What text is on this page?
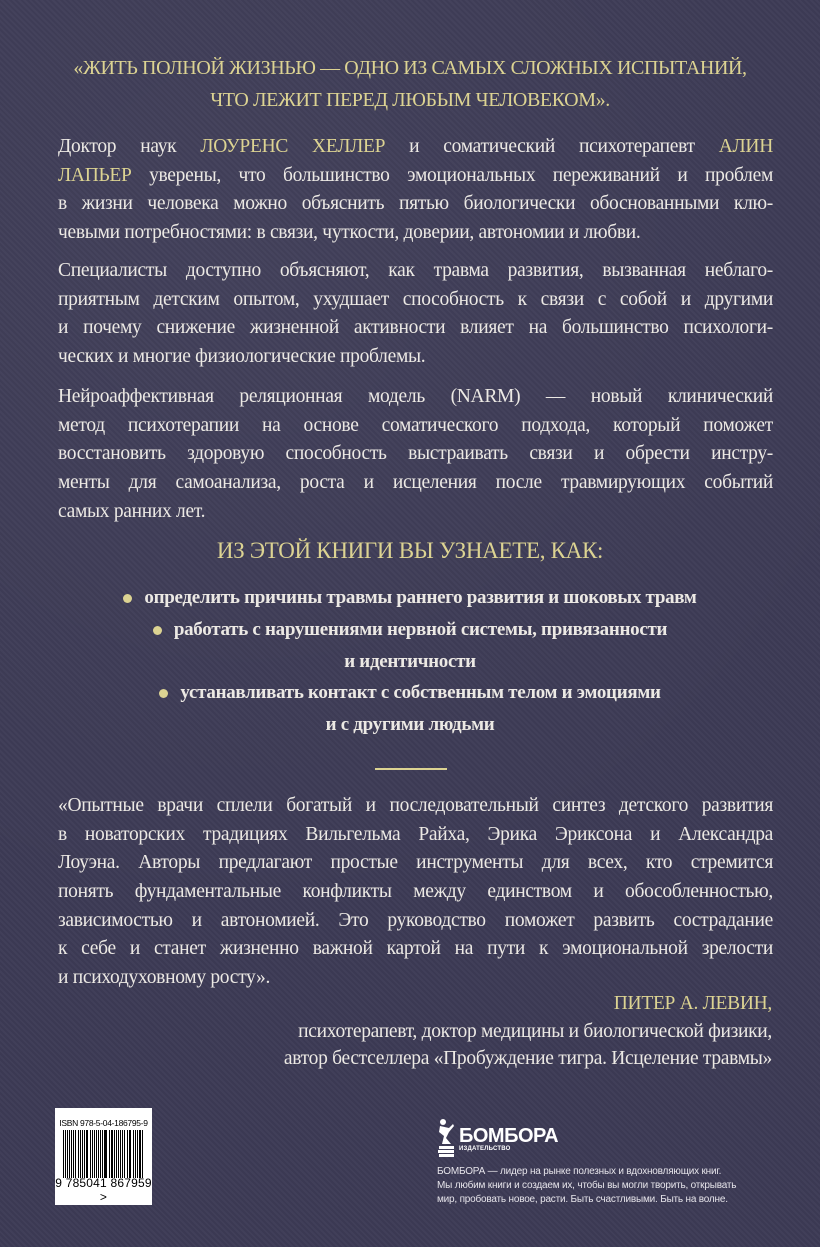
«ЖИТЬ ПОЛНОЙ ЖИЗНЬЮ — ОДНО ИЗ САМЫХ СЛОЖНЫХ ИСПЫТАНИЙ,
ЧТО ЛЕЖИТ ПЕРЕД ЛЮБЫМ ЧЕЛОВЕКОМ».
Доктор наук ЛОУРЕНС ХЕЛЛЕР и соматический психотерапевт АЛИН
ЛАПЬЕР уверены, что большинство эмоциональных переживаний и проблем
в жизни человека можно объяснить пятью биологически обоснованными клю-
чевыми потребностями: в связи, чуткости, доверии, автономии и любви.
Специалисты доступно объясняют, как травма развития, вызванная неблаго-
приятным детским опытом, ухудшает способность к связи с собой и другими
и почему снижение жизненной активности влияет на большинство психологи-
ческих и многие физиологические проблемы.
Нейроаффективная реляционная модель (NARM) — новый клинический
метод психотерапии на основе соматического подхода, который поможет
восстановить здоровую способность выстраивать связи и обрести инстру-
менты для самоанализа, роста и исцеления после травмирующих событий
самых ранних лет.
ИЗ ЭТОЙ КНИГИ ВЫ УЗНАЕТЕ, КАК:
определить причины травмы раннего развития и шоковых травм
работать с нарушениями нервной системы, привязанности
и идентичности
устанавливать контакт с собственным телом и эмоциями
и с другими людьми
«Опытные врачи сплели богатый и последовательный синтез детского развития
в новаторских традициях Вильгельма Райха, Эрика Эриксона и Александра
Лоуэна. Авторы предлагают простые инструменты для всех, кто стремится
понять фундаментальные конфликты между единством и обособленностью,
зависимостью и автономией. Это руководство поможет развить сострадание
к себе и станет жизненно важной картой на пути к эмоциональной зрелости
и психодуховному росту».
ПИТЕР А. ЛЕВИН,
психотерапевт, доктор медицины и биологической физики,
автор бестселлера «Пробуждение тигра. Исцеление травмы»
ISBN 978-5-04-186795-9
9 785041 867959 >
БОМБОРА
ИЗДАТЕЛЬСТВО
БОМБОРА — лидер на рынке полезных и вдохновляющих книг.
Мы любим книги и создаем их, чтобы вы могли творить, открывать
мир, пробовать новое, расти. Быть счастливыми. Быть на волне.
